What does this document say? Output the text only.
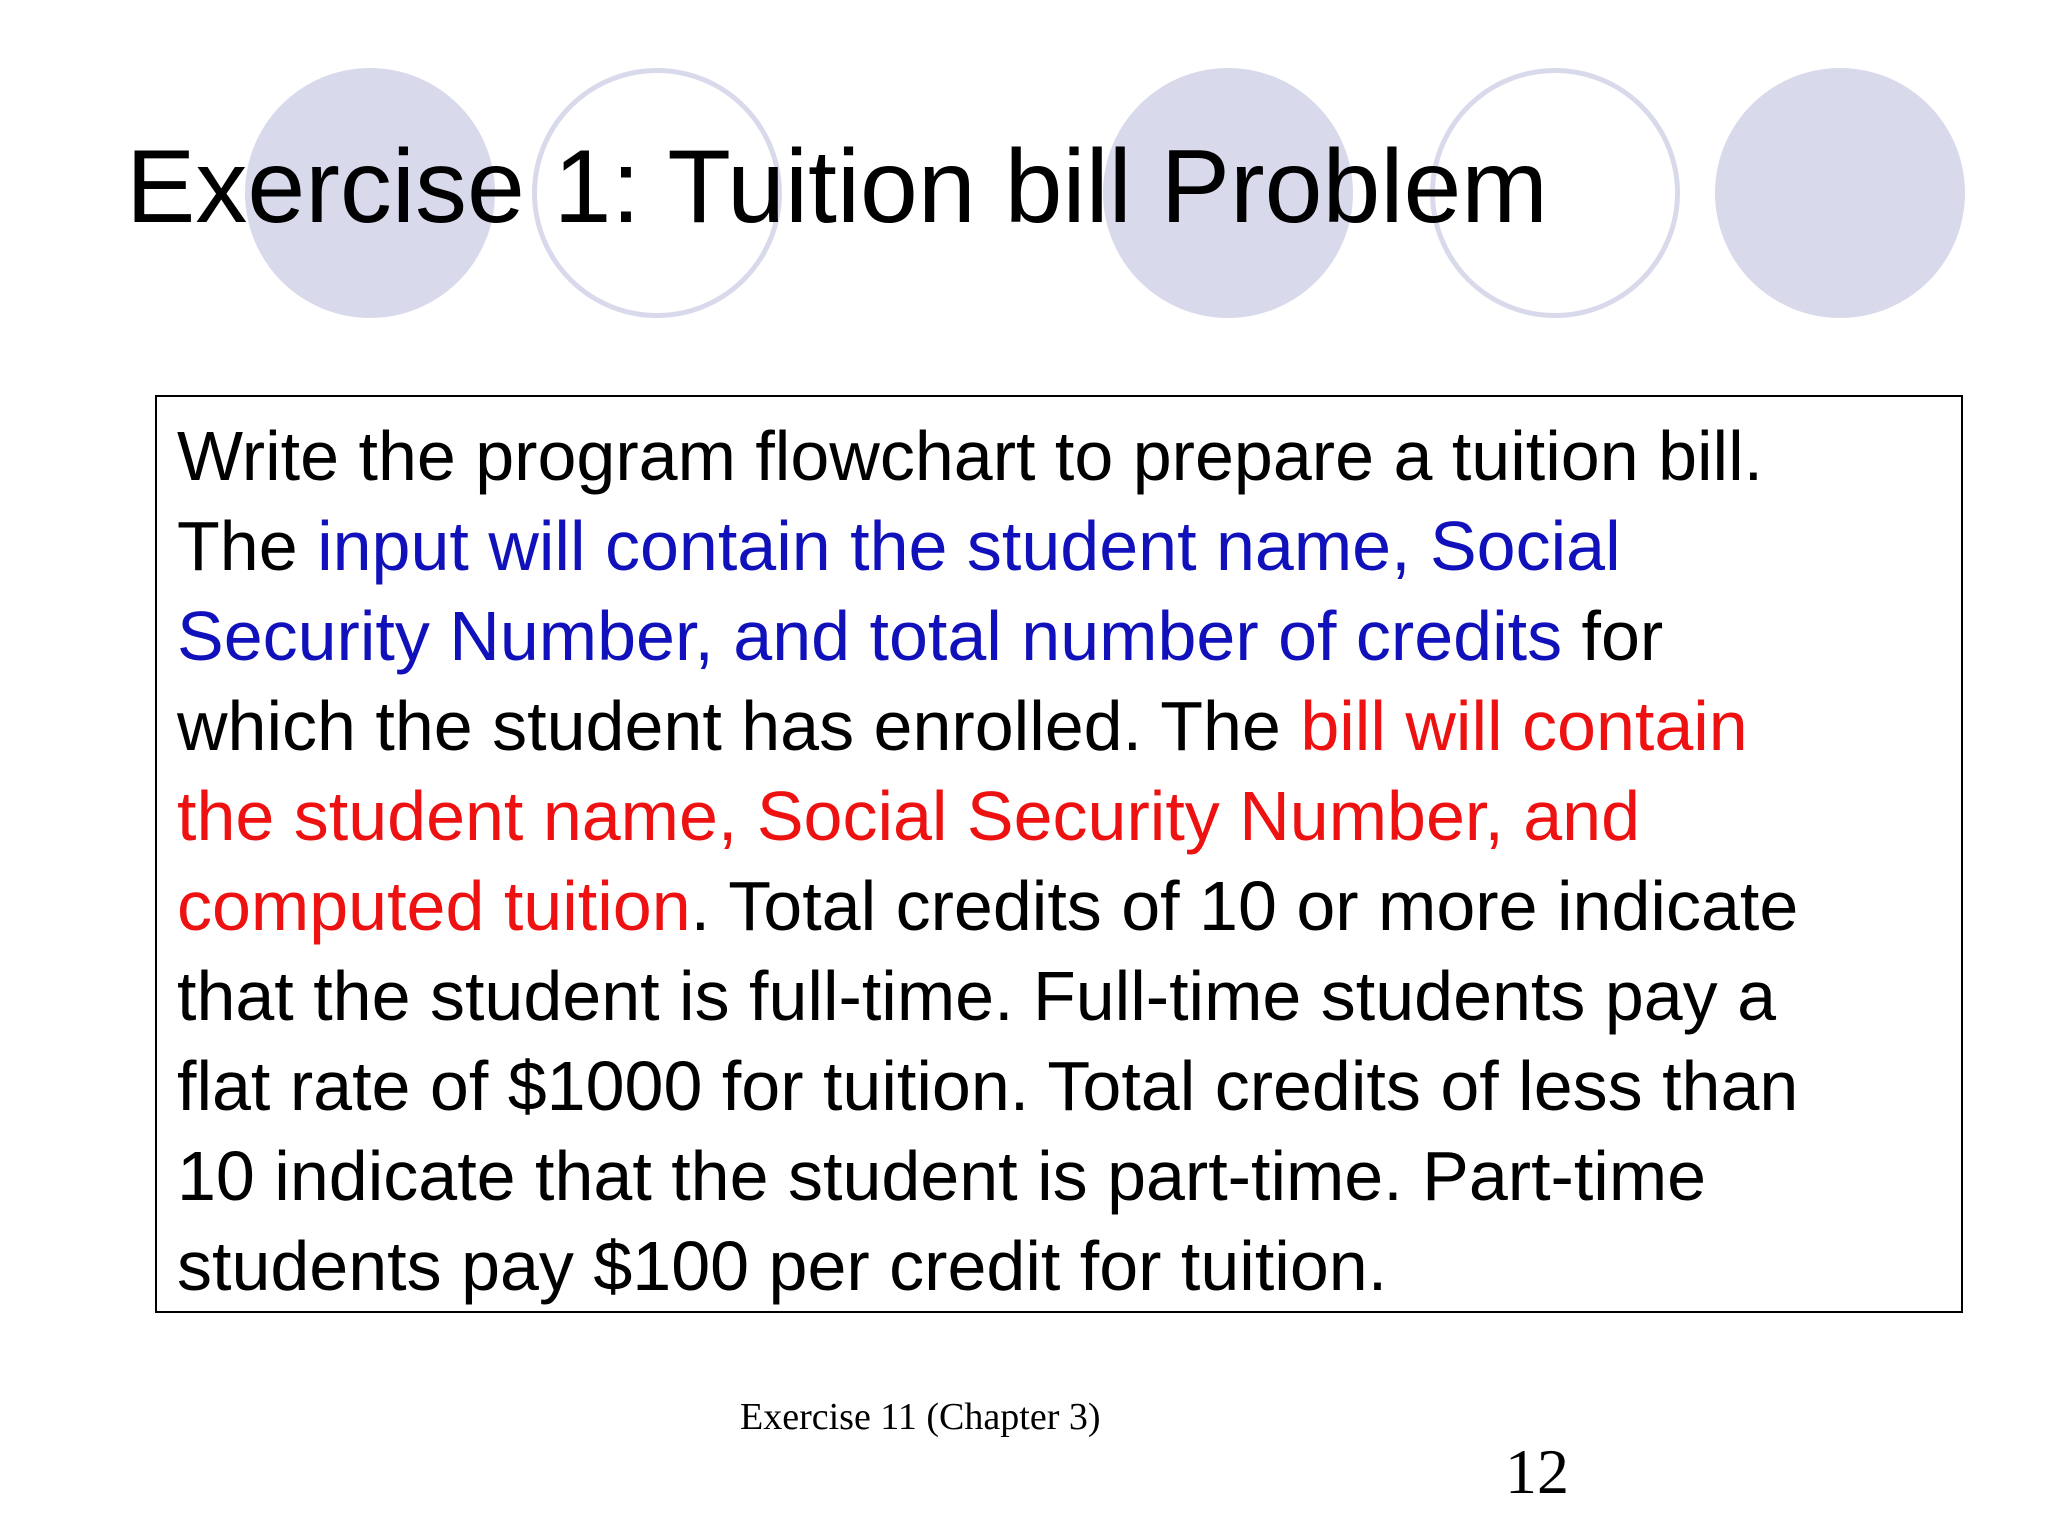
Exercise 1: Tuition bill Problem
Write the program flowchart to prepare a tuition bill.
The input will contain the student name, Social
Security Number, and total number of credits for
which the student has enrolled. The bill will contain
the student name, Social Security Number, and
computed tuition. Total credits of 10 or more indicate
that the student is full-time. Full-time students pay a
flat rate of $1000 for tuition. Total credits of less than
10 indicate that the student is part-time. Part-time
students pay $100 per credit for tuition.
Exercise 11 (Chapter 3)
12
